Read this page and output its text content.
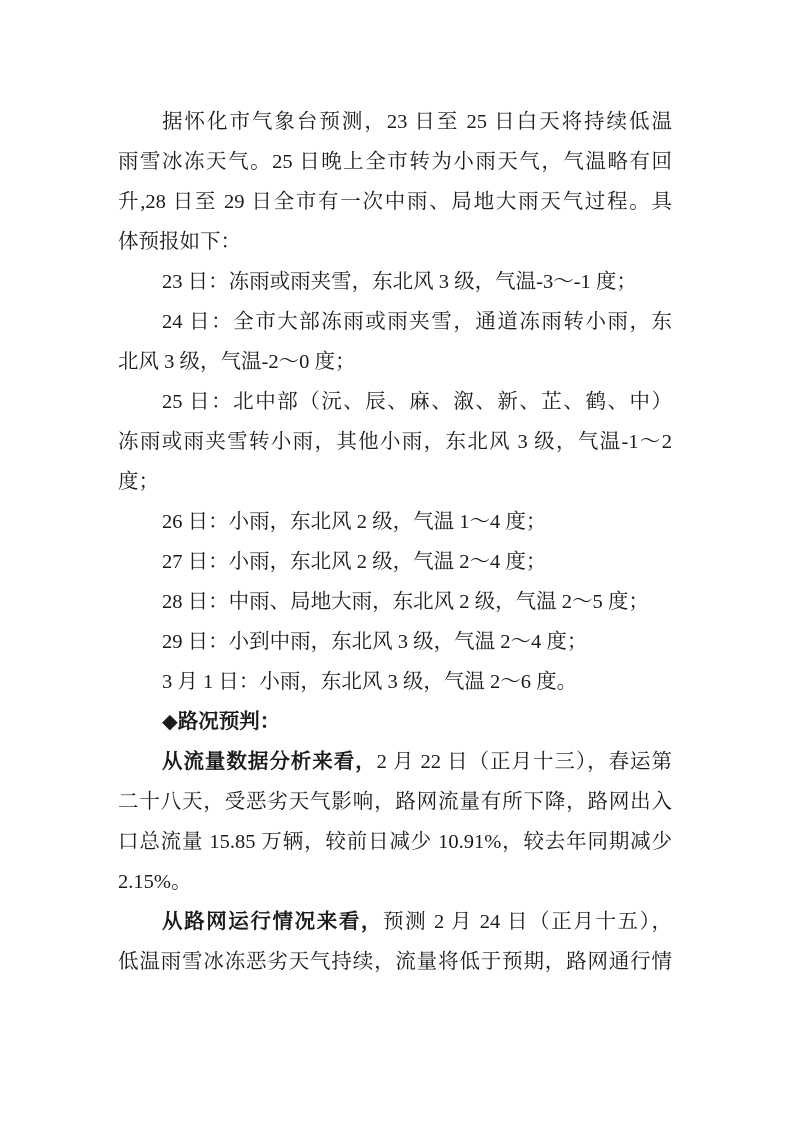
据怀化市气象台预测，23 日至 25 日白天将持续低温
雨雪冰冻天气。25 日晚上全市转为小雨天气，气温略有回
升,28 日至 29 日全市有一次中雨、局地大雨天气过程。具
体预报如下：
23 日：冻雨或雨夹雪，东北风 3 级，气温-3～-1 度；
24 日：全市大部冻雨或雨夹雪，通道冻雨转小雨，东
北风 3 级，气温-2～0 度；
25 日：北中部（沅、辰、麻、溆、新、芷、鹤、中）
冻雨或雨夹雪转小雨，其他小雨，东北风 3 级，气温-1～2
度；
26 日：小雨，东北风 2 级，气温 1～4 度；
27 日：小雨，东北风 2 级，气温 2～4 度；
28 日：中雨、局地大雨，东北风 2 级，气温 2～5 度；
29 日：小到中雨，东北风 3 级，气温 2～4 度；
3 月 1 日：小雨，东北风 3 级，气温 2～6 度。
◆路况预判：
从流量数据分析来看，2 月 22 日（正月十三），春运第
二十八天，受恶劣天气影响，路网流量有所下降，路网出入
口总流量 15.85 万辆，较前日减少 10.91%，较去年同期减少
2.15%。
从路网运行情况来看，预测 2 月 24 日（正月十五），
低温雨雪冰冻恶劣天气持续，流量将低于预期，路网通行情
